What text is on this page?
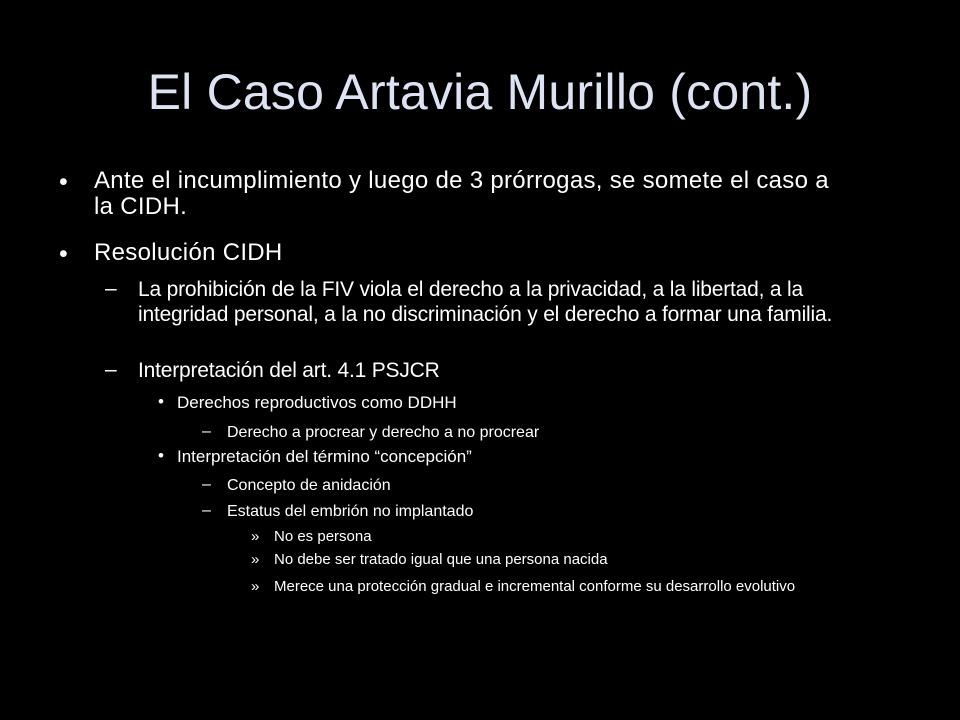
El Caso Artavia Murillo (cont.)
• Ante el incumplimiento y luego de 3 prórrogas, se somete el caso a la CIDH.
• Resolución CIDH
– La prohibición de la FIV viola el derecho a la privacidad, a la libertad, a la integridad personal, a la no discriminación y el derecho a formar una familia.
– Interpretación del art. 4.1 PSJCR
• Derechos reproductivos como DDHH
– Derecho a procrear y derecho a no procrear
• Interpretación del término “concepción”
– Concepto de anidación
– Estatus del embrión no implantado
» No es persona
» No debe ser tratado igual que una persona nacida
» Merece una protección gradual e incremental conforme su desarrollo evolutivo
